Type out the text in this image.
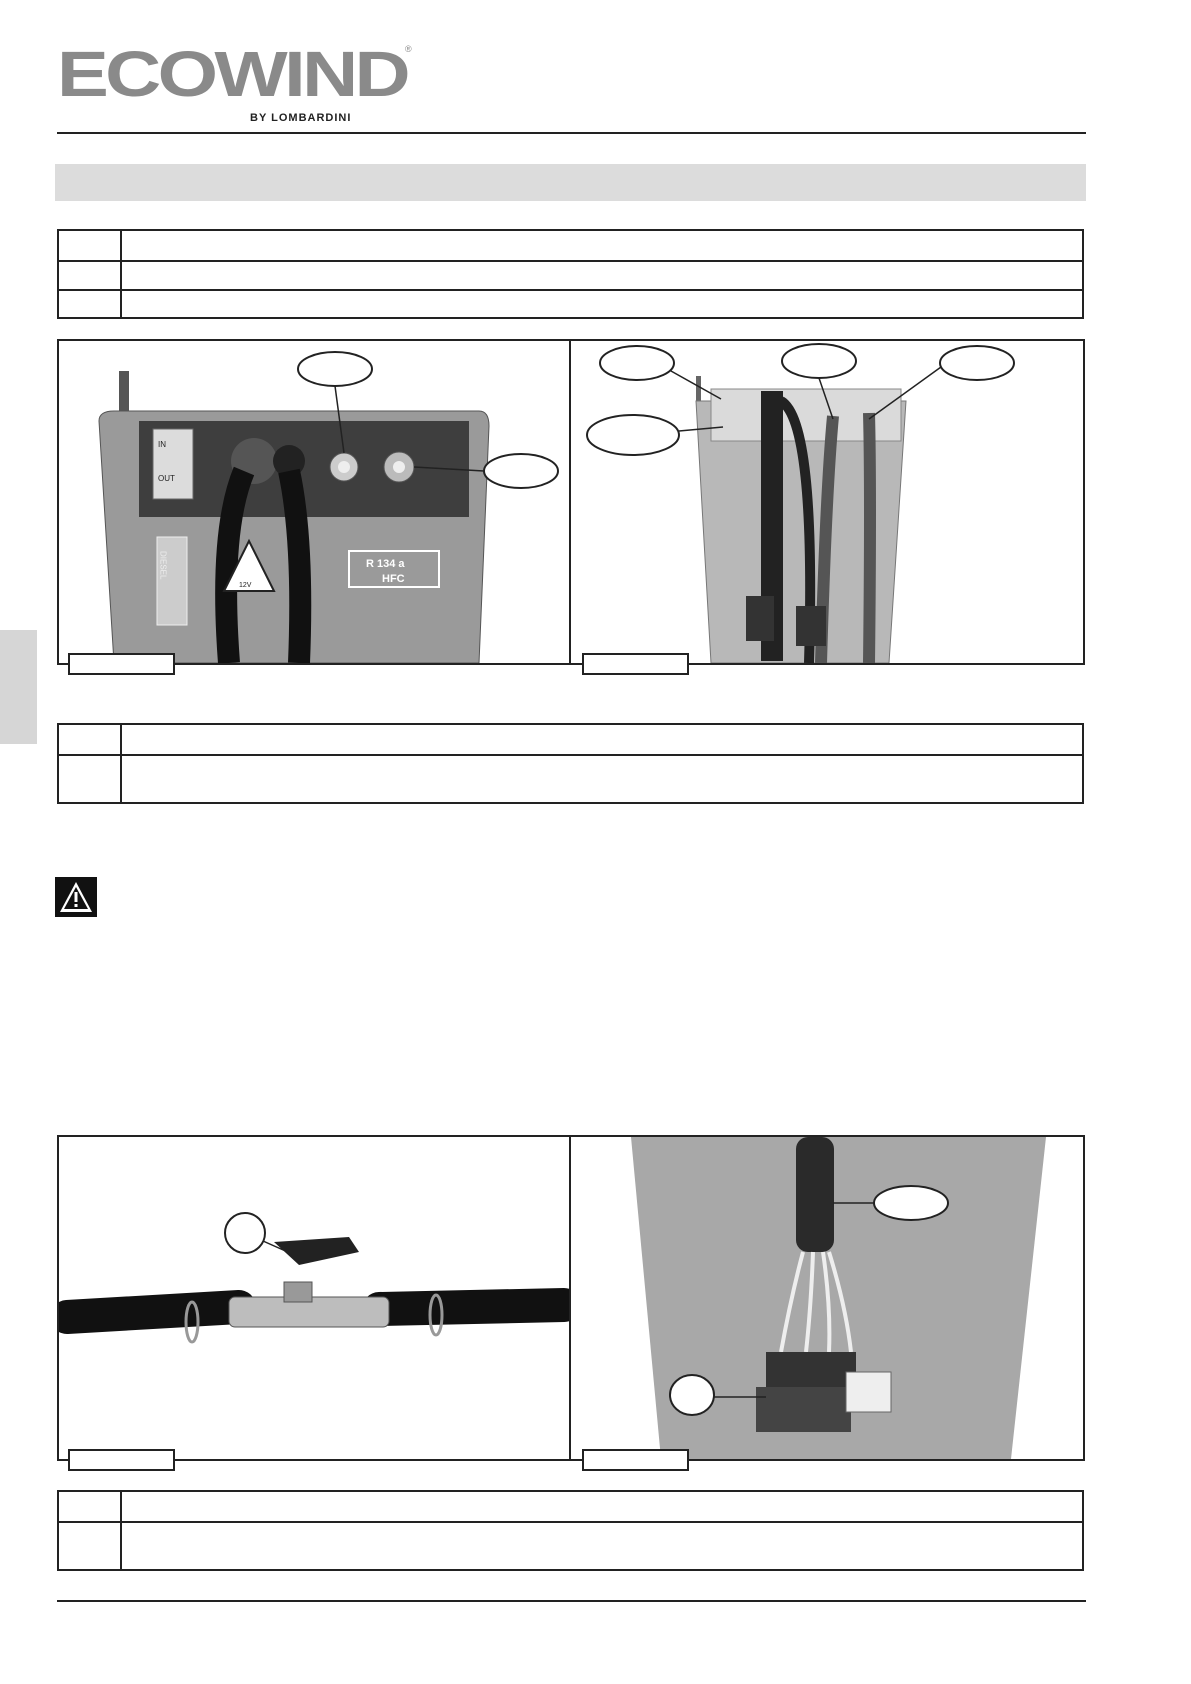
ECOWIND
®
BY LOMBARDINI
IN
OUT
DIESEL
12V
R 134 a
HFC
